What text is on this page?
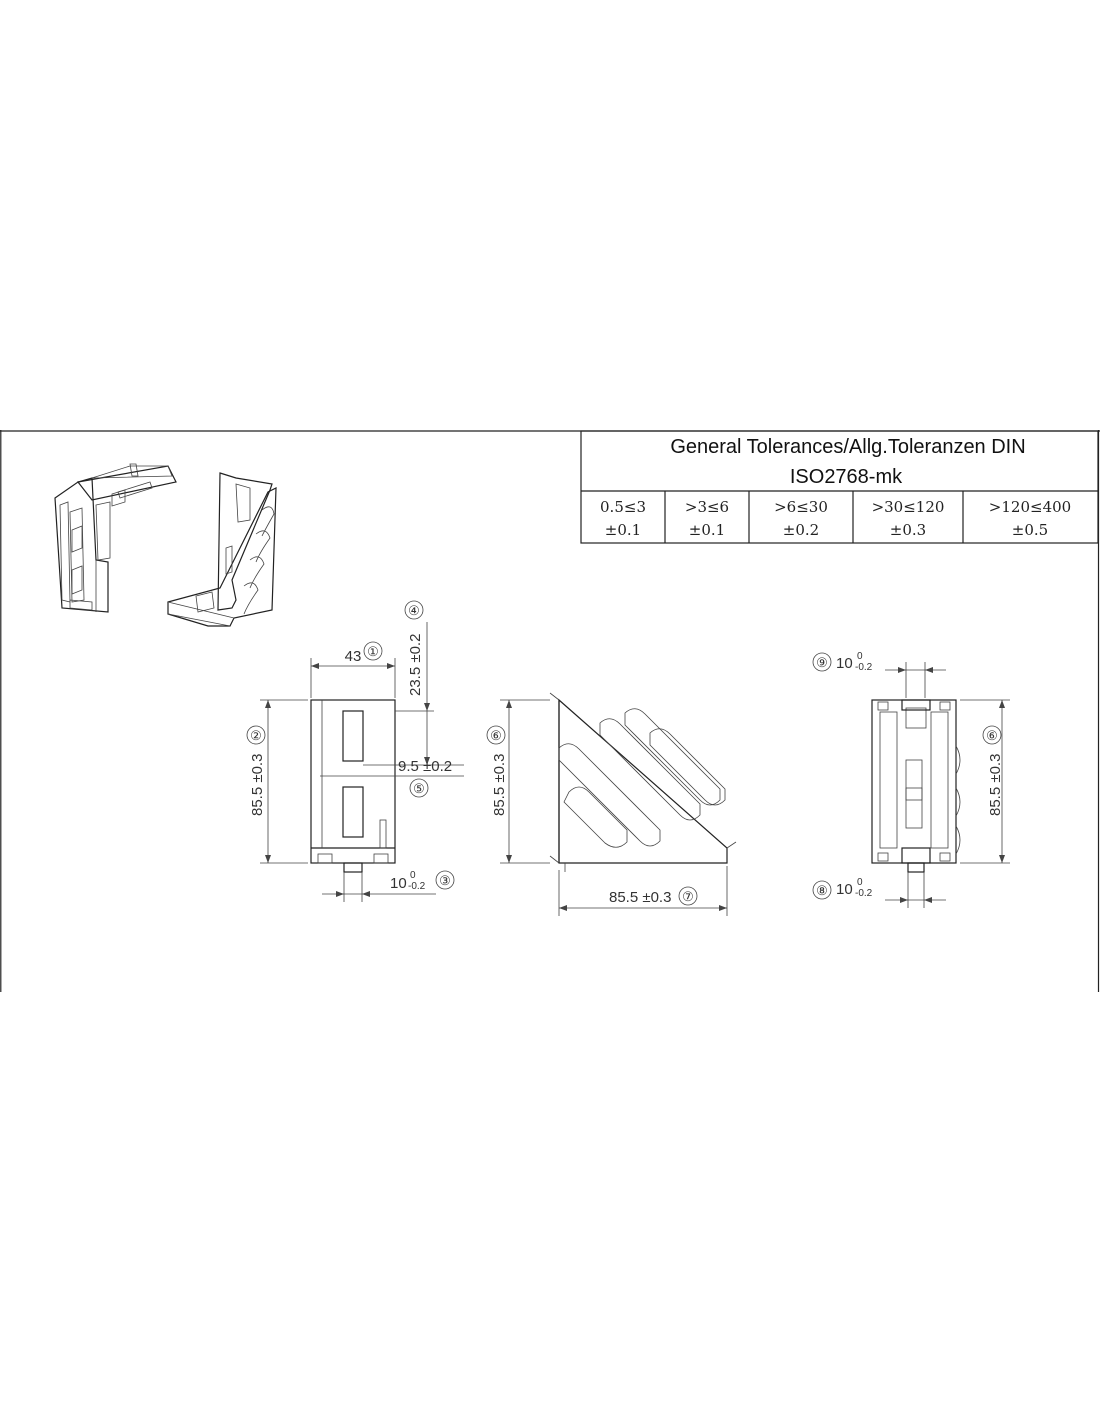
General Tolerances/Allg.Toleranzen DIN
ISO2768-mk
0.5≤3	>3≤6	>6≤30	>30≤120	>120≤400
±0.1	±0.1	±0.2	±0.3	±0.5
43 ①
85.5 ±0.3
②
23.5 ±0.2
④
9.5 ±0.2
⑤
10 0
-0.2 ③
85.5 ±0.3
⑥
85.5 ±0.3 ⑦
⑨ 10 0
-0.2
85.5 ±0.3
⑥
⑧ 10 0
-0.2
